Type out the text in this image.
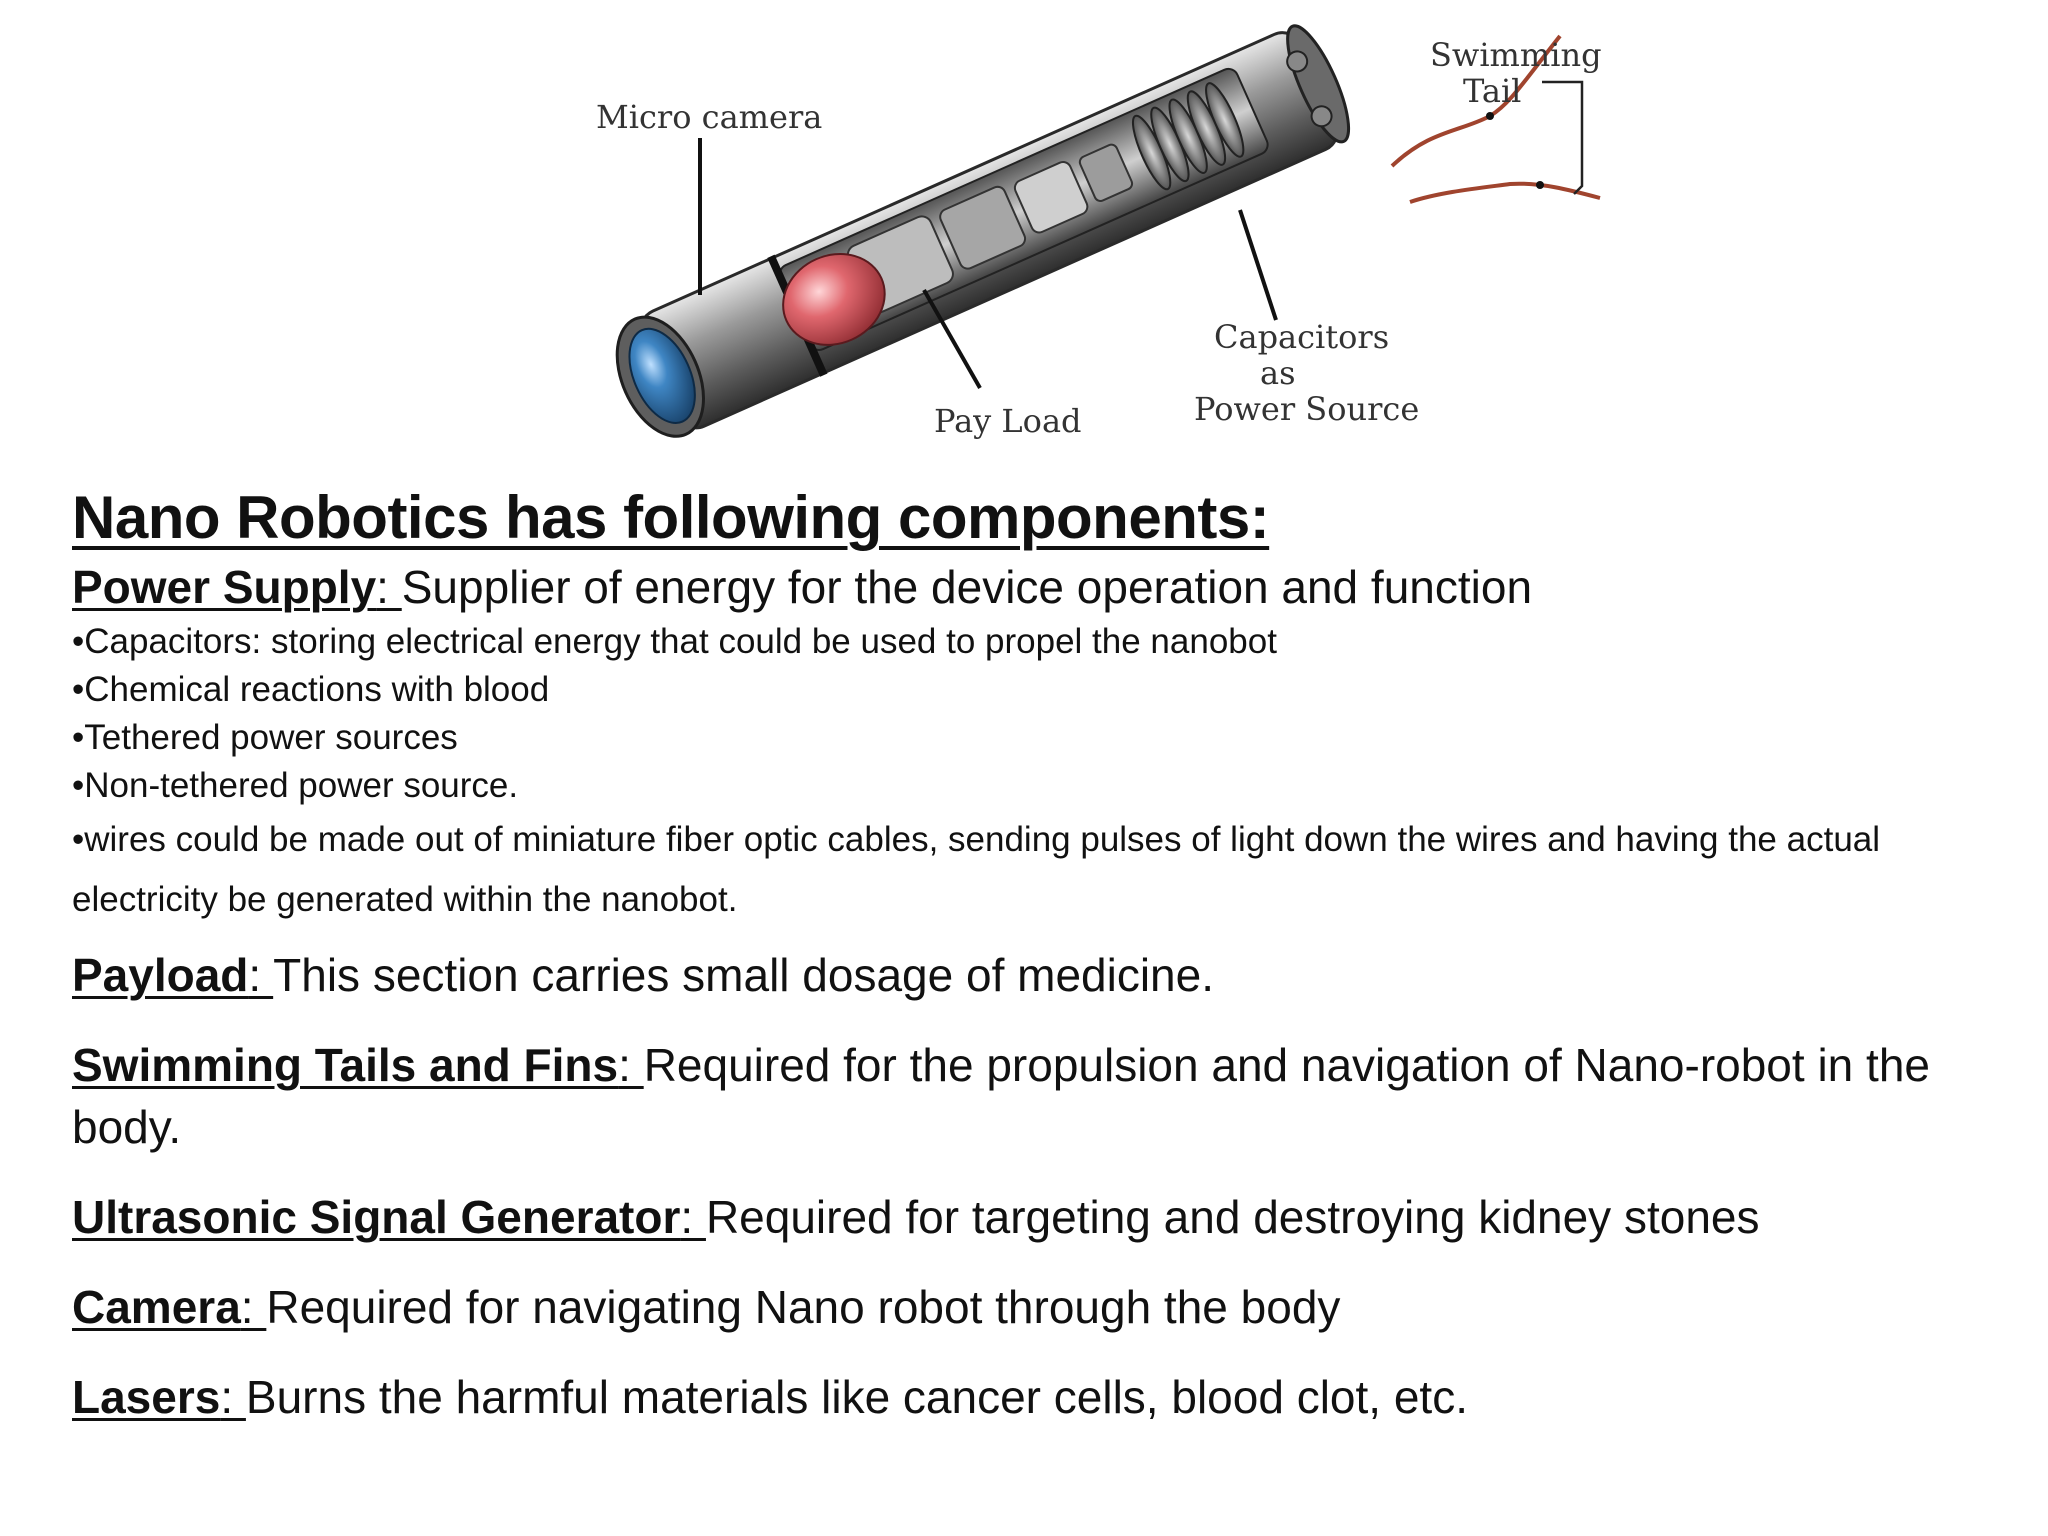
Micro camera
Swimming
Tail
Capacitors
as
Power Source
Pay Load
Nano Robotics has following components:

Power Supply: Supplier of energy for the device operation and function

•Capacitors: storing electrical energy that could be used to propel the nanobot
•Chemical reactions with blood
•Tethered power sources
•Non-tethered power source.
•wires could be made out of miniature fiber optic cables, sending pulses of light down the wires and having the actual electricity be generated within the nanobot.

Payload: This section carries small dosage of medicine.

Swimming Tails and Fins: Required for the propulsion and navigation of Nano-robot in the body.

Ultrasonic Signal Generator: Required for targeting and destroying kidney stones

Camera: Required for navigating Nano robot through the body

Lasers: Burns the harmful materials like cancer cells, blood clot, etc.
